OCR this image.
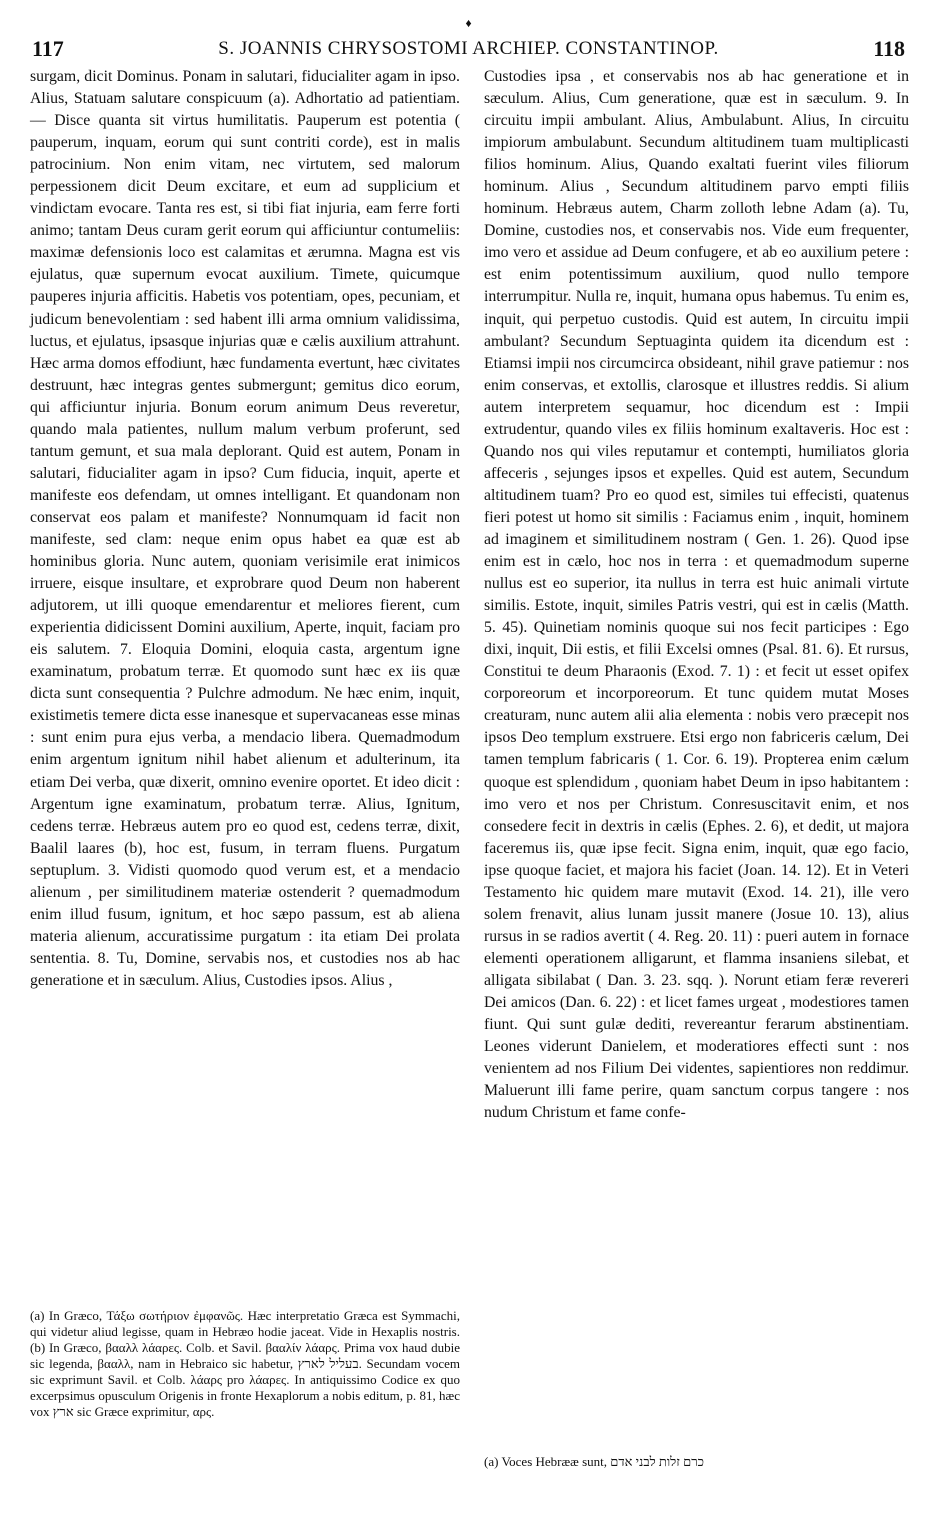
♦
117	S. JOANNIS CHRYSOSTOMI ARCHIEP. CONSTANTINOP.	118

surgam, dicit Dominus. Ponam in salutari, fiducialiter agam in ipso. Alius, Statuam salutare conspicuum (a). Adhortatio ad patientiam. — Disce quanta sit virtus humilitatis. Pauperum est potentia ( pauperum, inquam, eorum qui sunt contriti corde), est in malis patrocinium. Non enim vitam, nec virtutem, sed malorum perpessionem dicit Deum excitare, et eum ad supplicium et vindictam evocare. Tanta res est, si tibi fiat injuria, eam ferre forti animo; tantam Deus curam gerit eorum qui afficiuntur contumeliis: maximæ defensionis loco est calamitas et ærumna. Magna est vis ejulatus, quæ supernum evocat auxilium. Timete, quicumque pauperes injuria afficitis. Habetis vos potentiam, opes, pecuniam, et judicum benevolentiam : sed habent illi arma omnium validissima, luctus, et ejulatus, ipsasque injurias quæ e cælis auxilium attrahunt. Hæc arma domos effodiunt, hæc fundamenta evertunt, hæc civitates destruunt, hæc integras gentes submergunt; gemitus dico eorum, qui afficiuntur injuria. Bonum eorum animum Deus reveretur, quando mala patientes, nullum malum verbum proferunt, sed tantum gemunt, et sua mala deplorant. Quid est autem, Ponam in salutari, fiducialiter agam in ipso? Cum fiducia, inquit, aperte et manifeste eos defendam, ut omnes intelligant. Et quandonam non conservat eos palam et manifeste? Nonnumquam id facit non manifeste, sed clam: neque enim opus habet ea quæ est ab hominibus gloria. Nunc autem, quoniam verisimile erat inimicos irruere, eisque insultare, et exprobrare quod Deum non haberent adjutorem, ut illi quoque emendarentur et meliores fierent, cum experientia didicissent Domini auxilium, Aperte, inquit, faciam pro eis salutem. 7. Eloquia Domini, eloquia casta, argentum igne examinatum, probatum terræ. Et quomodo sunt hæc ex iis quæ dicta sunt consequentia ? Pulchre admodum. Ne hæc enim, inquit, existimetis temere dicta esse inanesque et supervacaneas esse minas : sunt enim pura ejus verba, a mendacio libera. Quemadmodum enim argentum ignitum nihil habet alienum et adulterinum, ita etiam Dei verba, quæ dixerit, omnino evenire oportet. Et ideo dicit : Argentum igne examinatum, probatum terræ. Alius, Ignitum, cedens terræ. Hebræus autem pro eo quod est, cedens terræ, dixit, Baalil laares (b), hoc est, fusum, in terram fluens. Purgatum septuplum. 3. Vidisti quomodo quod verum est, et a mendacio alienum , per similitudinem materiæ ostenderit ? quemadmodum enim illud fusum, ignitum, et hoc sæpo passum, est ab aliena materia alienum, accuratissime purgatum : ita etiam Dei prolata sententia. 8. Tu, Domine, servabis nos, et custodies nos ab hac generatione et in sæculum. Alius, Custodies ipsos. Alius ,

(a) In Græco, Τάξω σωτήριον ἐμφανῶς. Hæc interpretatio Græca est Symmachi, qui videtur aliud legisse, quam in Hebræo hodie jaceat. Vide in Hexaplis nostris. (b) In Græco, βααλλ λάαρες. Colb. et Savil. βααλίν λάαρς. Prima vox haud dubie sic legenda, βααλλ, nam in Hebraico sic habetur, בעליל לארץ. Secundam vocem sic exprimunt Savil. et Colb. λάαρς pro λάαρες. In antiquissimo Codice ex quo excerpsimus opusculum Origenis in fronte Hexaplorum a nobis editum, p. 81, hæc vox ארץ sic Græce exprimitur, αρς.

Custodies ipsa , et conservabis nos ab hac generatione et in sæculum. Alius, Cum generatione, quæ est in sæculum. 9. In circuitu impii ambulant. Alius, Ambulabunt. Alius, In circuitu impiorum ambulabunt. Secundum altitudinem tuam multiplicasti filios hominum. Alius, Quando exaltati fuerint viles filiorum hominum. Alius , Secundum altitudinem parvo empti filiis hominum. Hebræus autem, Charm zolloth lebne Adam (a). Tu, Domine, custodies nos, et conservabis nos. Vide eum frequenter, imo vero et assidue ad Deum confugere, et ab eo auxilium petere : est enim potentissimum auxilium, quod nullo tempore interrumpitur. Nulla re, inquit, humana opus habemus. Tu enim es, inquit, qui perpetuo custodis. Quid est autem, In circuitu impii ambulant? Secundum Septuaginta quidem ita dicendum est : Etiamsi impii nos circumcirca obsideant, nihil grave patiemur : nos enim conservas, et extollis, clarosque et illustres reddis. Si alium autem interpretem sequamur, hoc dicendum est : Impii extrudentur, quando viles ex filiis hominum exaltaveris. Hoc est : Quando nos qui viles reputamur et contempti, humiliatos gloria affeceris , sejunges ipsos et expelles. Quid est autem, Secundum altitudinem tuam? Pro eo quod est, similes tui effecisti, quatenus fieri potest ut homo sit similis : Faciamus enim , inquit, hominem ad imaginem et similitudinem nostram ( Gen. 1. 26). Quod ipse enim est in cælo, hoc nos in terra : et quemadmodum superne nullus est eo superior, ita nullus in terra est huic animali virtute similis. Estote, inquit, similes Patris vestri, qui est in cælis (Matth. 5. 45). Quinetiam nominis quoque sui nos fecit participes : Ego dixi, inquit, Dii estis, et filii Excelsi omnes (Psal. 81. 6). Et rursus, Constitui te deum Pharaonis (Exod. 7. 1) : et fecit ut esset opifex corporeorum et incorporeorum. Et tunc quidem mutat Moses creaturam, nunc autem alii alia elementa : nobis vero præcepit nos ipsos Deo templum exstruere. Etsi ergo non fabriceris cælum, Dei tamen templum fabricaris ( 1. Cor. 6. 19). Propterea enim cælum quoque est splendidum , quoniam habet Deum in ipso habitantem : imo vero et nos per Christum. Conresuscitavit enim, et nos consedere fecit in dextris in cælis (Ephes. 2. 6), et dedit, ut majora faceremus iis, quæ ipse fecit. Signa enim, inquit, quæ ego facio, ipse quoque faciet, et majora his faciet (Joan. 14. 12). Et in Veteri Testamento hic quidem mare mutavit (Exod. 14. 21), ille vero solem frenavit, alius lunam jussit manere (Josue 10. 13), alius rursus in se radios avertit ( 4. Reg. 20. 11) : pueri autem in fornace elementi operationem alligarunt, et flamma insaniens silebat, et alligata sibilabat ( Dan. 3. 23. sqq. ). Norunt etiam feræ revereri Dei amicos (Dan. 6. 22) : et licet fames urgeat , modestiores tamen fiunt. Qui sunt gulæ dediti, revereantur ferarum abstinentiam. Leones viderunt Danielem, et moderatiores effecti sunt : nos venientem ad nos Filium Dei videntes, sapientiores non reddimur. Maluerunt illi fame perire, quam sanctum corpus tangere : nos nudum Christum et fame confe-

(a) Voces Hebrææ sunt, כרם זלות לבני אדם
